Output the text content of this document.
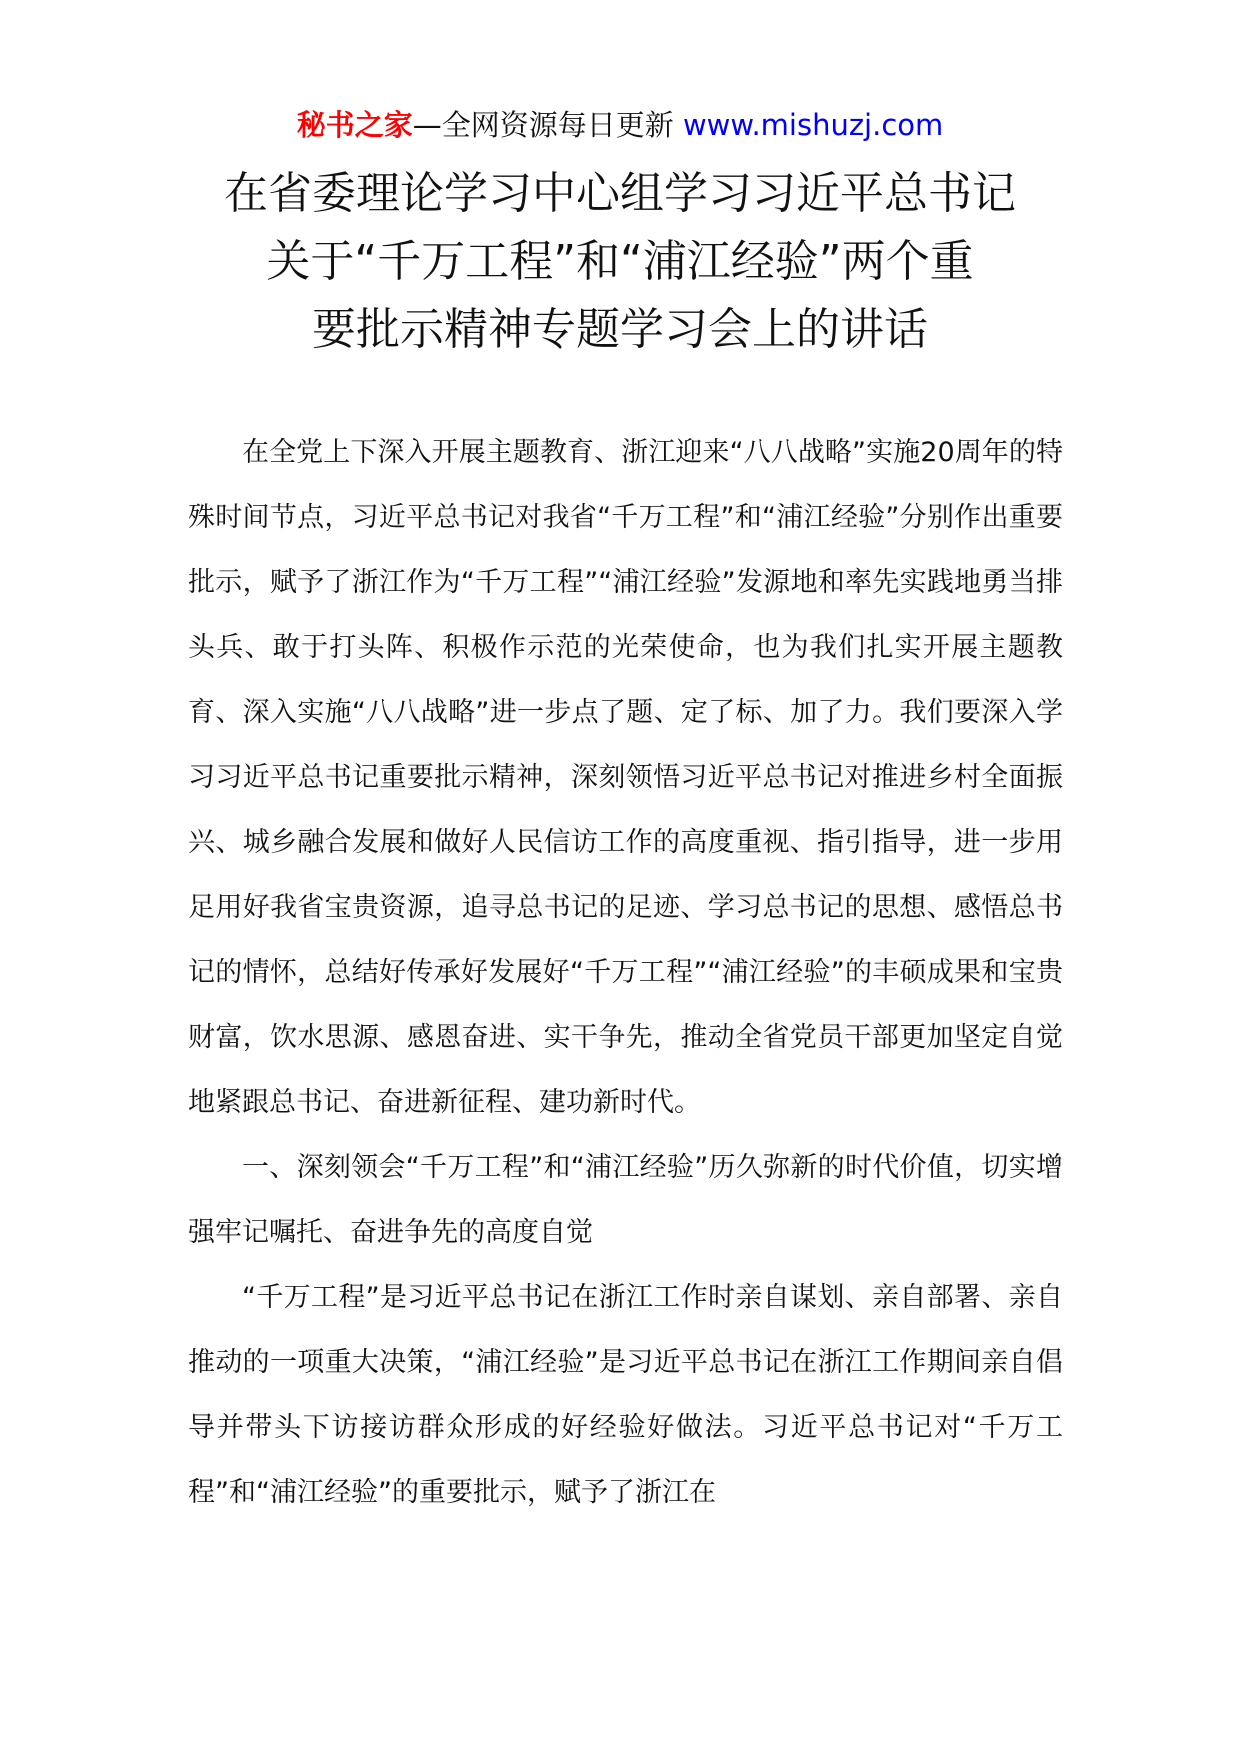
秘书之家—全网资源每日更新 www.mishuzj.com
在省委理论学习中心组学习习近平总书记
关于“千万工程”和“浦江经验”两个重
要批示精神专题学习会上的讲话

在全党上下深入开展主题教育、浙江迎来“八八战略”实施20周年的特殊时间节点，习近平总书记对我省“千万工程”和“浦江经验”分别作出重要批示，赋予了浙江作为“千万工程”“浦江经验”发源地和率先实践地勇当排头兵、敢于打头阵、积极作示范的光荣使命，也为我们扎实开展主题教育、深入实施“八八战略”进一步点了题、定了标、加了力。我们要深入学习习近平总书记重要批示精神，深刻领悟习近平总书记对推进乡村全面振兴、城乡融合发展和做好人民信访工作的高度重视、指引指导，进一步用足用好我省宝贵资源，追寻总书记的足迹、学习总书记的思想、感悟总书记的情怀，总结好传承好发展好“千万工程”“浦江经验”的丰硕成果和宝贵财富，饮水思源、感恩奋进、实干争先，推动全省党员干部更加坚定自觉地紧跟总书记、奋进新征程、建功新时代。

一、深刻领会“千万工程”和“浦江经验”历久弥新的时代价值，切实增强牢记嘱托、奋进争先的高度自觉

“千万工程”是习近平总书记在浙江工作时亲自谋划、亲自部署、亲自推动的一项重大决策，“浦江经验”是习近平总书记在浙江工作期间亲自倡导并带头下访接访群众形成的好经验好做法。习近平总书记对“千万工程”和“浦江经验”的重要批示，赋予了浙江在
